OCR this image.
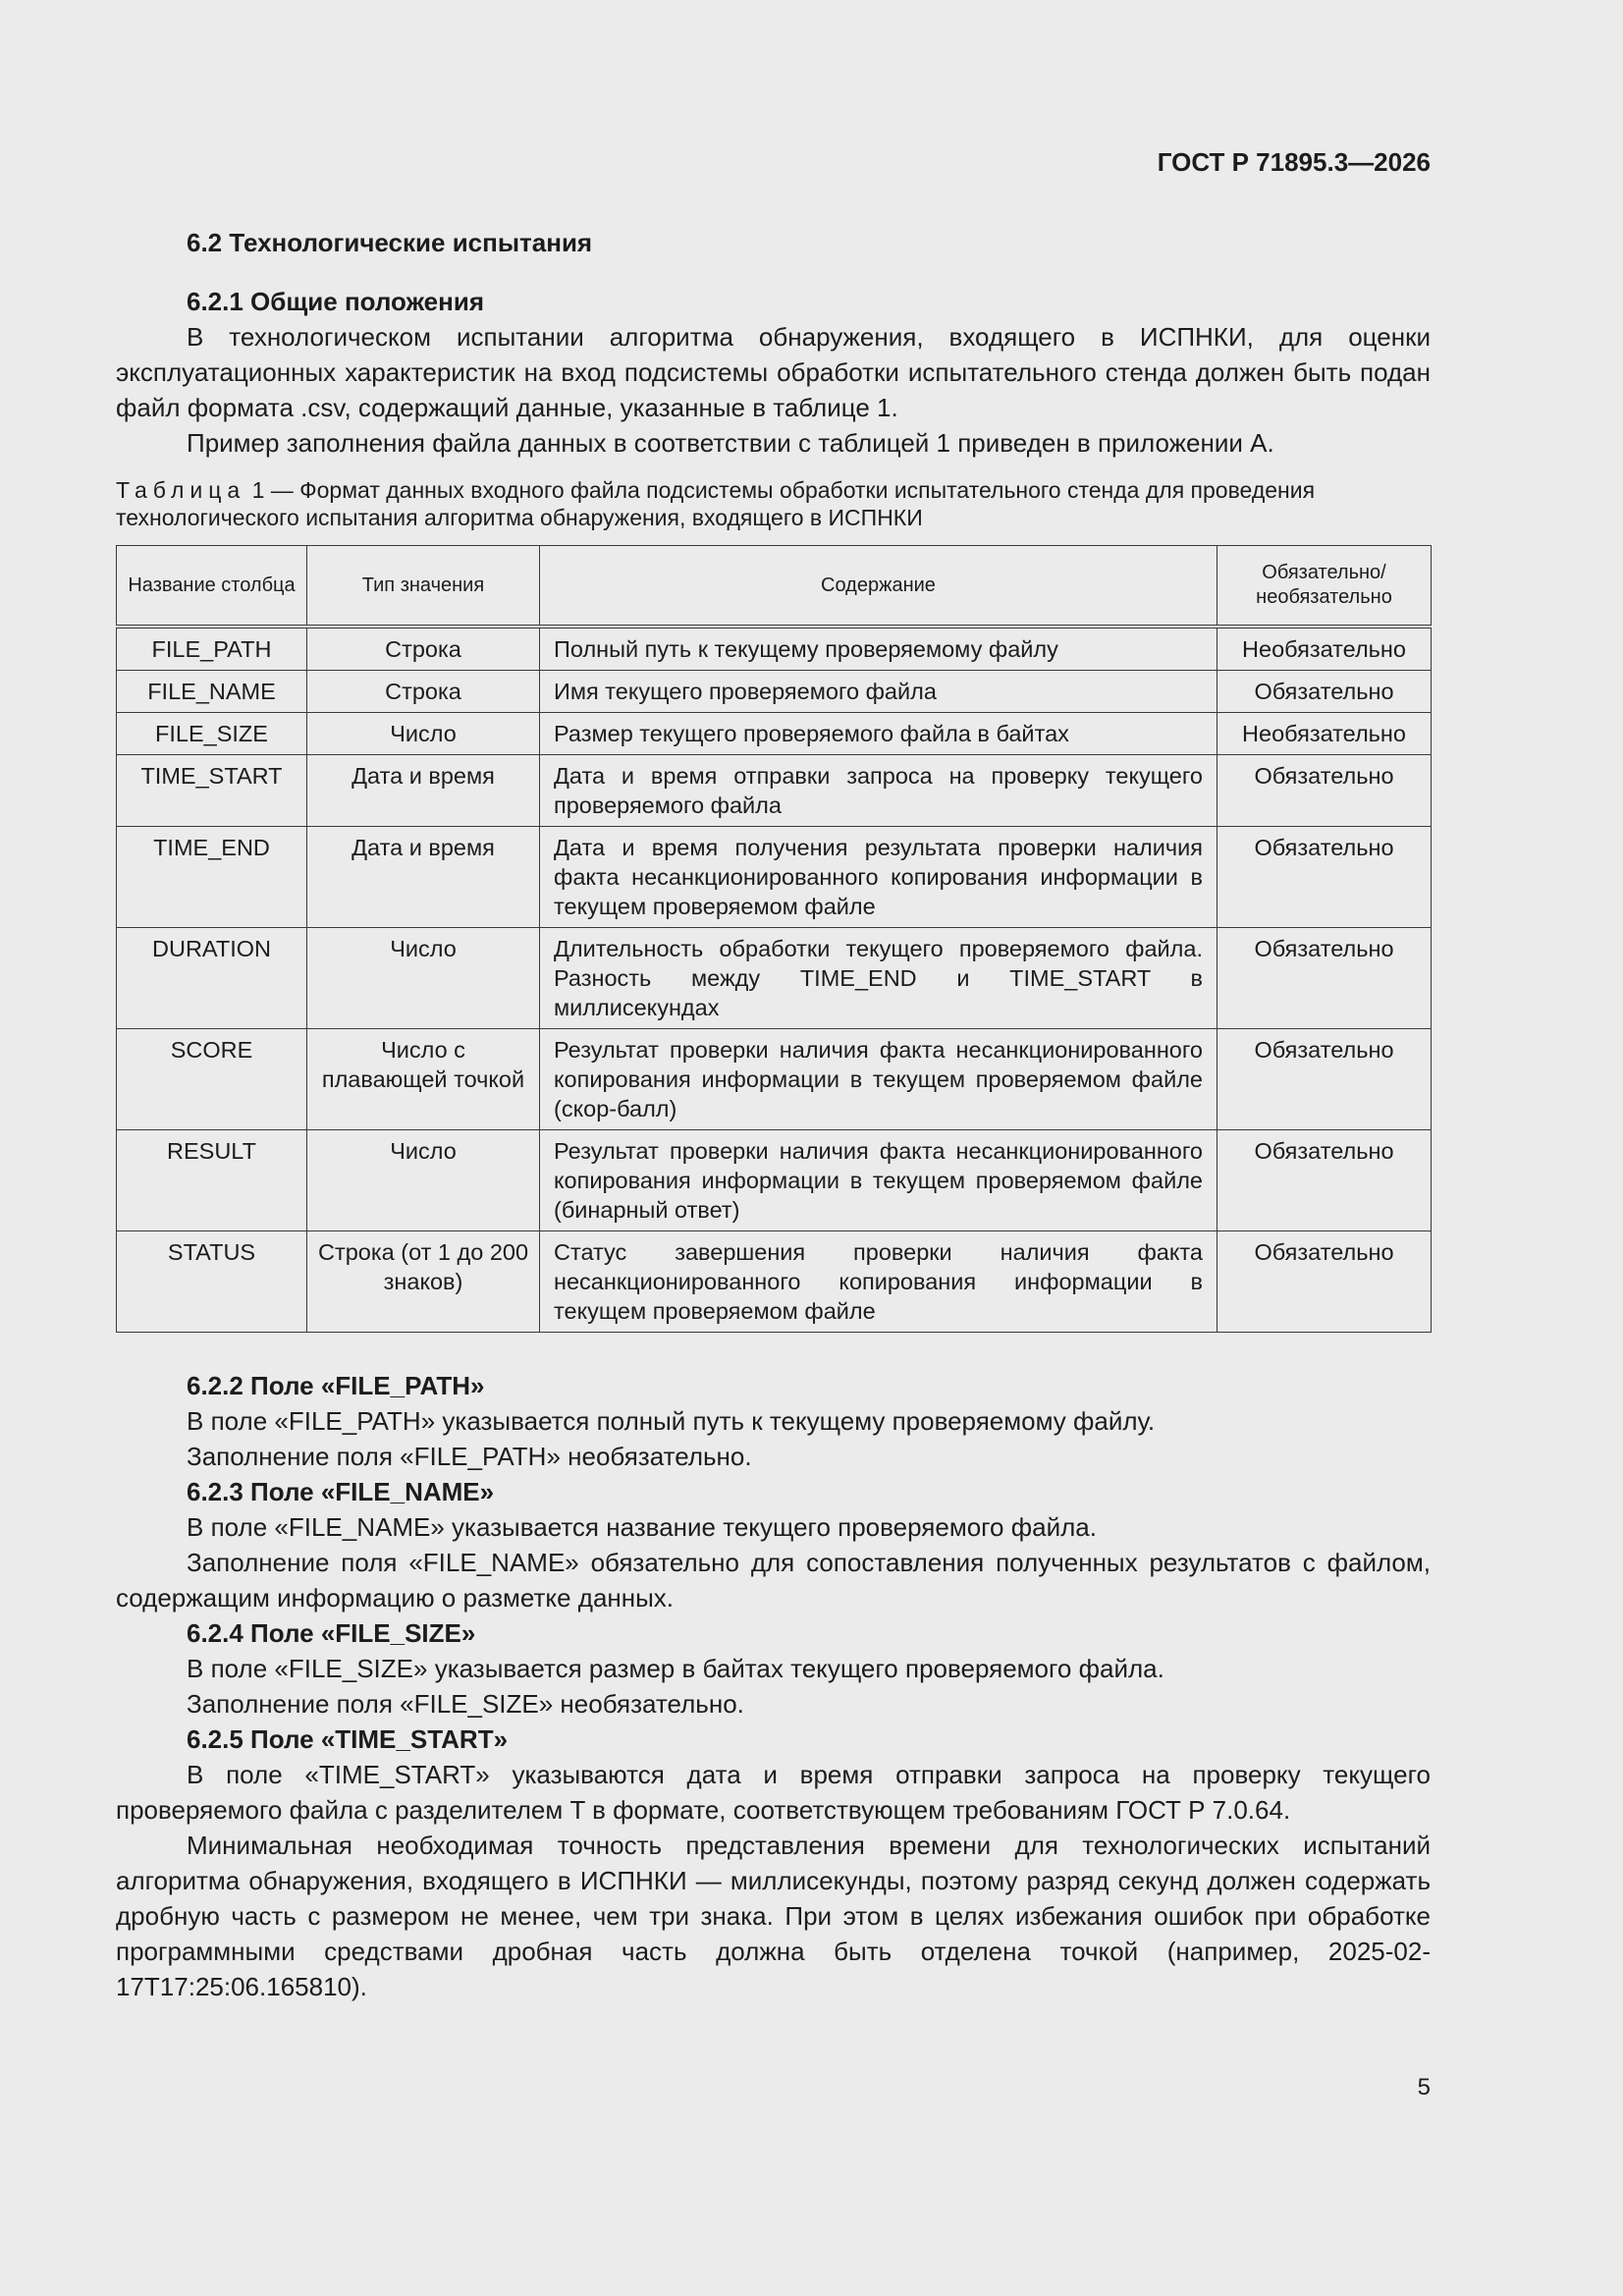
ГОСТ Р 71895.3—2026
6.2 Технологические испытания
6.2.1 Общие положения

В технологическом испытании алгоритма обнаружения, входящего в ИСПНКИ, для оценки эксплуатационных характеристик на вход подсистемы обработки испытательного стенда должен быть подан файл формата .csv, содержащий данные, указанные в таблице 1.

Пример заполнения файла данных в соответствии с таблицей 1 приведен в приложении А.

Таблица 1 — Формат данных входного файла подсистемы обработки испытательного стенда для проведения технологического испытания алгоритма обнаружения, входящего в ИСПНКИ
Название столбца	Тип значения	Содержание	Обязательно/ необязательно
FILE_PATH	Строка	Полный путь к текущему проверяемому файлу	Необязательно
FILE_NAME	Строка	Имя текущего проверяемого файла	Обязательно
FILE_SIZE	Число	Размер текущего проверяемого файла в байтах	Необязательно
TIME_START	Дата и время	Дата и время отправки запроса на проверку текущего проверяемого файла	Обязательно
TIME_END	Дата и время	Дата и время получения результата проверки наличия факта несанкционированного копирования информации в текущем проверяемом файле	Обязательно
DURATION	Число	Длительность обработки текущего проверяемого файла. Разность между TIME_END и TIME_START в миллисекундах	Обязательно
SCORE	Число с плавающей точкой	Результат проверки наличия факта несанкционированного копирования информации в текущем проверяемом файле (скор-балл)	Обязательно
RESULT	Число	Результат проверки наличия факта несанкционированного копирования информации в текущем проверяемом файле (бинарный ответ)	Обязательно
STATUS	Строка (от 1 до 200 знаков)	Статус завершения проверки наличия факта несанкционированного копирования информации в текущем проверяемом файле	Обязательно
6.2.2 Поле «FILE_PATH»

В поле «FILE_PATH» указывается полный путь к текущему проверяемому файлу.

Заполнение поля «FILE_PATH» необязательно.

6.2.3 Поле «FILE_NAME»

В поле «FILE_NAME» указывается название текущего проверяемого файла.

Заполнение поля «FILE_NAME» обязательно для сопоставления полученных результатов с файлом, содержащим информацию о разметке данных.

6.2.4 Поле «FILE_SIZE»

В поле «FILE_SIZE» указывается размер в байтах текущего проверяемого файла.

Заполнение поля «FILE_SIZE» необязательно.

6.2.5 Поле «TIME_START»

В поле «TIME_START» указываются дата и время отправки запроса на проверку текущего проверяемого файла с разделителем T в формате, соответствующем требованиям ГОСТ Р 7.0.64.

Минимальная необходимая точность представления времени для технологических испытаний алгоритма обнаружения, входящего в ИСПНКИ — миллисекунды, поэтому разряд секунд должен содержать дробную часть с размером не менее, чем три знака. При этом в целях избежания ошибок при обработке программными средствами дробная часть должна быть отделена точкой (например, 2025-02-17T17:25:06.165810).

5
